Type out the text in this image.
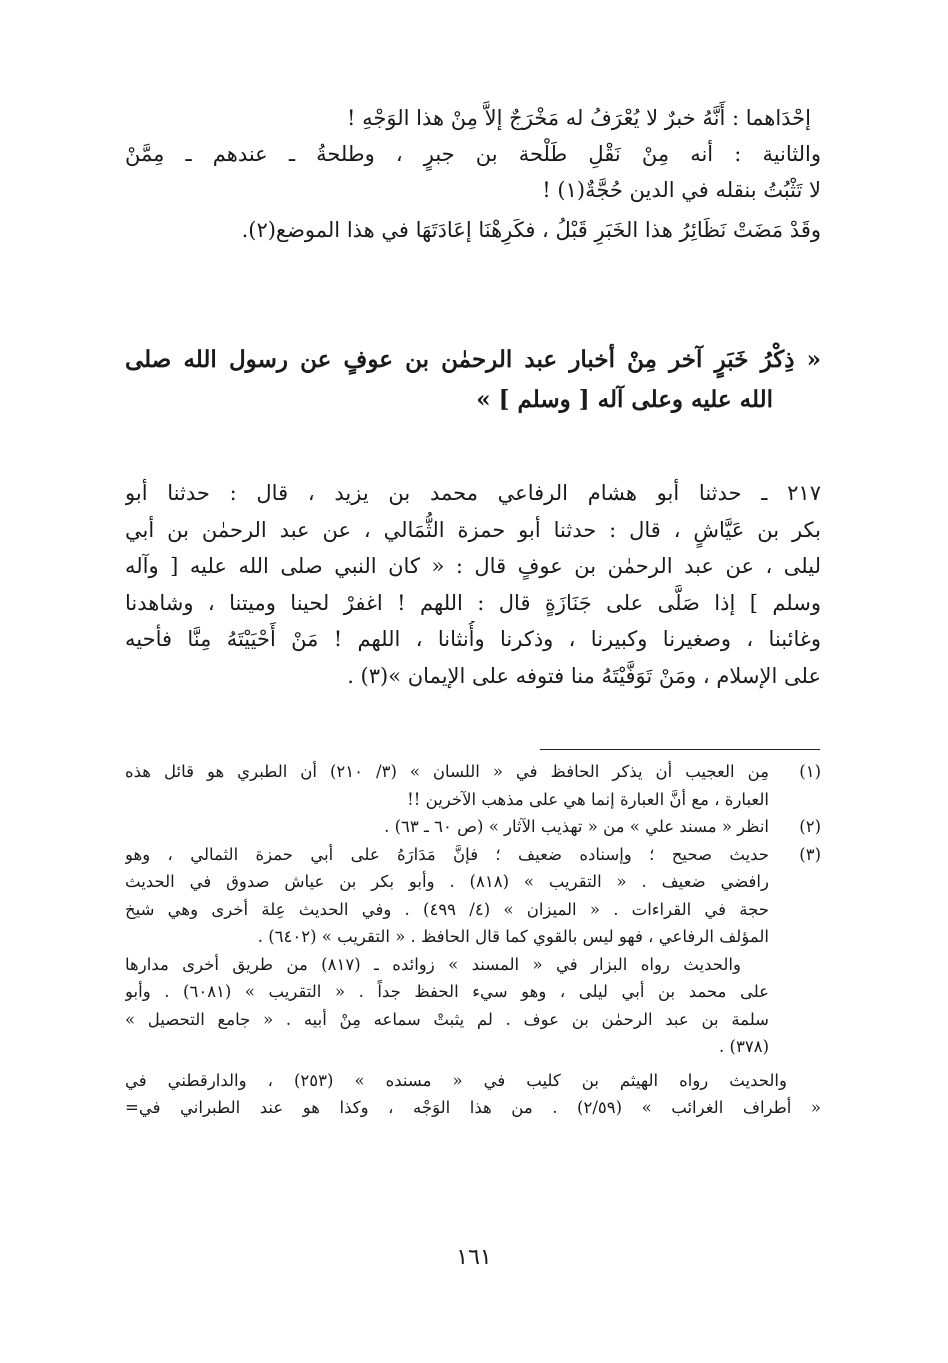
إحْدَاهما : أَنَّهُ خبرٌ لا يُعْرَفُ له مَخْرَجٌ إلاَّ مِنْ هذا الوَجْهِ !
والثانية : أنه مِنْ نَقْلِ طَلْحة بن جبرٍ ، وطلحةُ ـ عندهم ـ مِمَّنْ
لا تَثْبُتُ بنقله في الدين حُجَّةٌ(١) !
وقَدْ مَضَتْ نَظَائِرُ هذا الخَبَرِ قَبْلُ ، فكَرِهْنَا إعَادَتَهَا في هذا الموضع(٢).
« ذِكْرُ خَبَرٍ آخر مِنْ أخبار عبد الرحمٰن بن عوفٍ عن رسول الله صلى
الله عليه وعلى آله [ وسلم ] »
٢١٧ ـ حدثنا أبو هشام الرفاعي محمد بن يزيد ، قال : حدثنا أبو
بكر بن عَيَّاشٍ ، قال : حدثنا أبو حمزة الثُّمَالي ، عن عبد الرحمٰن بن أبي
ليلى ، عن عبد الرحمٰن بن عوفٍ قال : « كان النبي صلى الله عليه [ وآله
وسلم ] إذا صَلَّى على جَنَازَةٍ قال : اللهم ! اغفرْ لحينا وميتنا ، وشاهدنا
وغائبنا ، وصغيرنا وكبيرنا ، وذكرنا وأُنثانا ، اللهم ! مَنْ أَحْيَيْتَهُ مِنَّا فأحيه
على الإسلام ، ومَنْ تَوَفَّيْتَهُ منا فتوفه على الإيمان »(٣) .
(١)
مِن العجيب أن يذكر الحافظ في « اللسان » (٣/ ٢١٠) أن الطبري هو قائل هذه
العبارة ، مع أنَّ العبارة إنما هي على مذهب الآخرين !!
(٢)
انظر « مسند علي » من « تهذيب الآثار » (ص ٦٠ ـ ٦٣) .
(٣)
حديث صحيح ؛ وإسناده ضعيف ؛ فإنَّ مَدَارَهُ على أبي حمزة الثمالي ، وهو
رافضي ضعيف . « التقريب » (٨١٨) . وأبو بكر بن عياش صدوق في الحديث
حجة في القراءات . « الميزان » (٤/ ٤٩٩) . وفي الحديث عِلة أخرى وهي شيخ
المؤلف الرفاعي ، فهو ليس بالقوي كما قال الحافظ . « التقريب » (٦٤٠٢) .
والحديث رواه البزار في « المسند » زوائده ـ (٨١٧) من طريق أخرى مدارها
على محمد بن أبي ليلى ، وهو سيء الحفظ جداً . « التقريب » (٦٠٨١) . وأبو
سلمة بن عبد الرحمٰن بن عوف . لم يثبتْ سماعه مِنْ أبيه . « جامع التحصيل »
(٣٧٨) .
والحديث رواه الهيثم بن كليب في « مسنده » (٢٥٣) ، والدارقطني في
« أطراف الغرائب » (٢/٥٩) . من هذا الوَجْه ، وكذا هو عند الطبراني في=
١٦١
